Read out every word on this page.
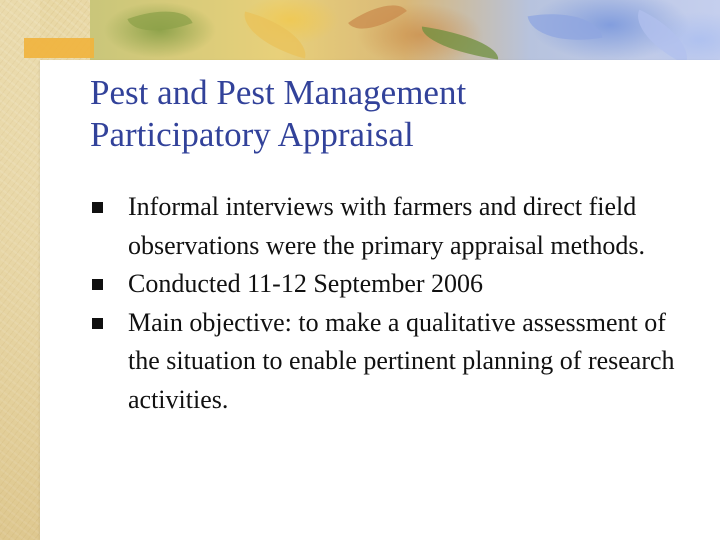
Pest and Pest Management
Participatory Appraisal
Informal interviews with farmers and direct field observations were the primary appraisal methods.
Conducted 11-12 September 2006
Main objective: to make a qualitative assessment of the situation to enable pertinent planning of research activities.
